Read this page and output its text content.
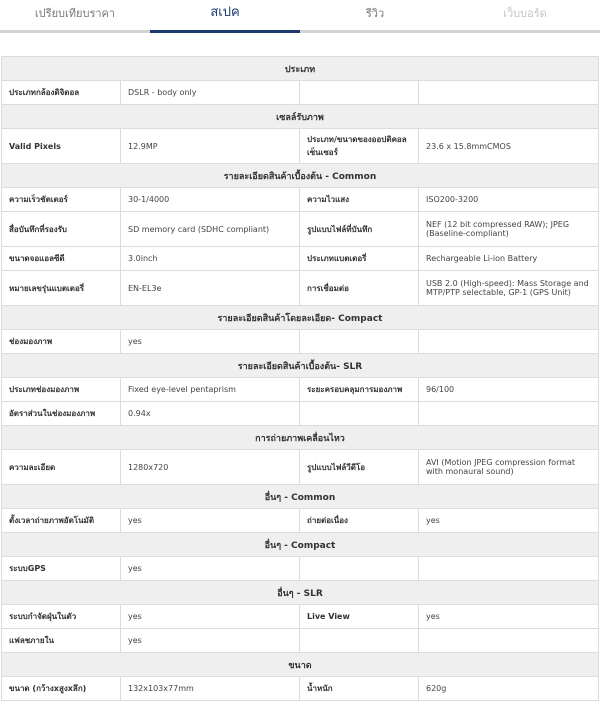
เปรียบเทียบราคา	สเปค	รีวิว	เว็บบอร์ด
ประเภท			
ประเภทกล้องดิจิตอล	DSLR - body only		
เซลล์รับภาพ			
Valid Pixels	12.9MP	ประเภท/ขนาดของออปติคอลเซ็นเซอร์	23.6 x 15.8mmCMOS
รายละเอียดสินค้าเบื้องต้น - Common			
ความเร็วชัตเตอร์	30-1/4000	ความไวแสง	ISO200-3200
สื่อบันทึกที่รองรับ	SD memory card (SDHC compliant)	รูปแบบไฟล์ที่บันทึก	NEF (12 bit compressed RAW); JPEG (Baseline-compliant)
ขนาดจอแอลซีดี	3.0inch	ประเภทแบตเตอรี่	Rechargeable Li-ion Battery
หมายเลขรุ่นแบตเตอรี่	EN-EL3e	การเชื่อมต่อ	USB 2.0 (High-speed): Mass Storage and MTP/PTP selectable, GP-1 (GPS Unit)
รายละเอียดสินค้าโดยละเอียด- Compact			
ช่องมองภาพ	yes		
รายละเอียดสินค้าเบื้องต้น- SLR			
ประเภทช่องมองภาพ	Fixed eye-level pentaprism	ระยะครอบคลุมการมองภาพ	96/100
อัตราส่วนในช่องมองภาพ	0.94x		
การถ่ายภาพเคลื่อนไหว			
ความละเอียด	1280x720	รูปแบบไฟล์วีดีโอ	AVI (Motion JPEG compression format with monaural sound)
อื่นๆ - Common			
ตั้งเวลาถ่ายภาพอัตโนมัติ	yes	ถ่ายต่อเนื่อง	yes
อื่นๆ - Compact			
ระบบGPS	yes		
อื่นๆ - SLR			
ระบบกำจัดฝุ่นในตัว	yes	Live View	yes
แฟลชภายใน	yes		
ขนาด			
ขนาด (กว้างxสูงxลึก)	132x103x77mm	น้ำหนัก	620g
